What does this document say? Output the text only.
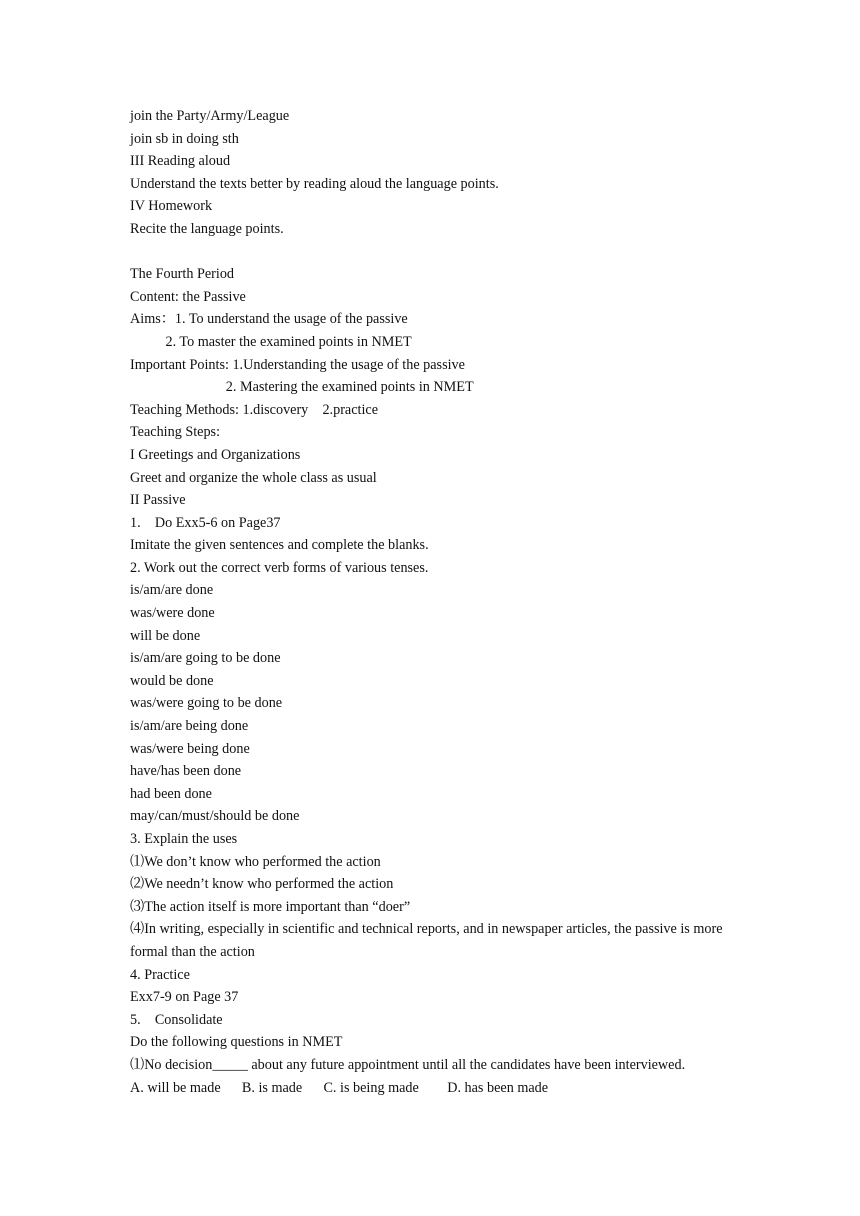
join the Party/Army/League
join sb in doing sth
III Reading aloud
Understand the texts better by reading aloud the language points.
IV Homework
Recite the language points.
The Fourth Period
Content: the Passive
Aims：1. To understand the usage of the passive
2. To master the examined points in NMET
Important Points: 1.Understanding the usage of the passive
2. Mastering the examined points in NMET
Teaching Methods: 1.discovery    2.practice
Teaching Steps:
I Greetings and Organizations
Greet and organize the whole class as usual
II Passive
1.    Do Exx5-6 on Page37
Imitate the given sentences and complete the blanks.
2. Work out the correct verb forms of various tenses.
is/am/are done
was/were done
will be done
is/am/are going to be done
would be done
was/were going to be done
is/am/are being done
was/were being done
have/has been done
had been done
may/can/must/should be done
3. Explain the uses
⑴We don’t know who performed the action
⑵We needn’t know who performed the action
⑶The action itself is more important than “doer”
⑷In writing, especially in scientific and technical reports, and in newspaper articles, the passive is more formal than the action
4. Practice
Exx7-9 on Page 37
5.    Consolidate
Do the following questions in NMET
⑴No decision_____ about any future appointment until all the candidates have been interviewed.
A. will be made      B. is made      C. is being made        D. has been made
